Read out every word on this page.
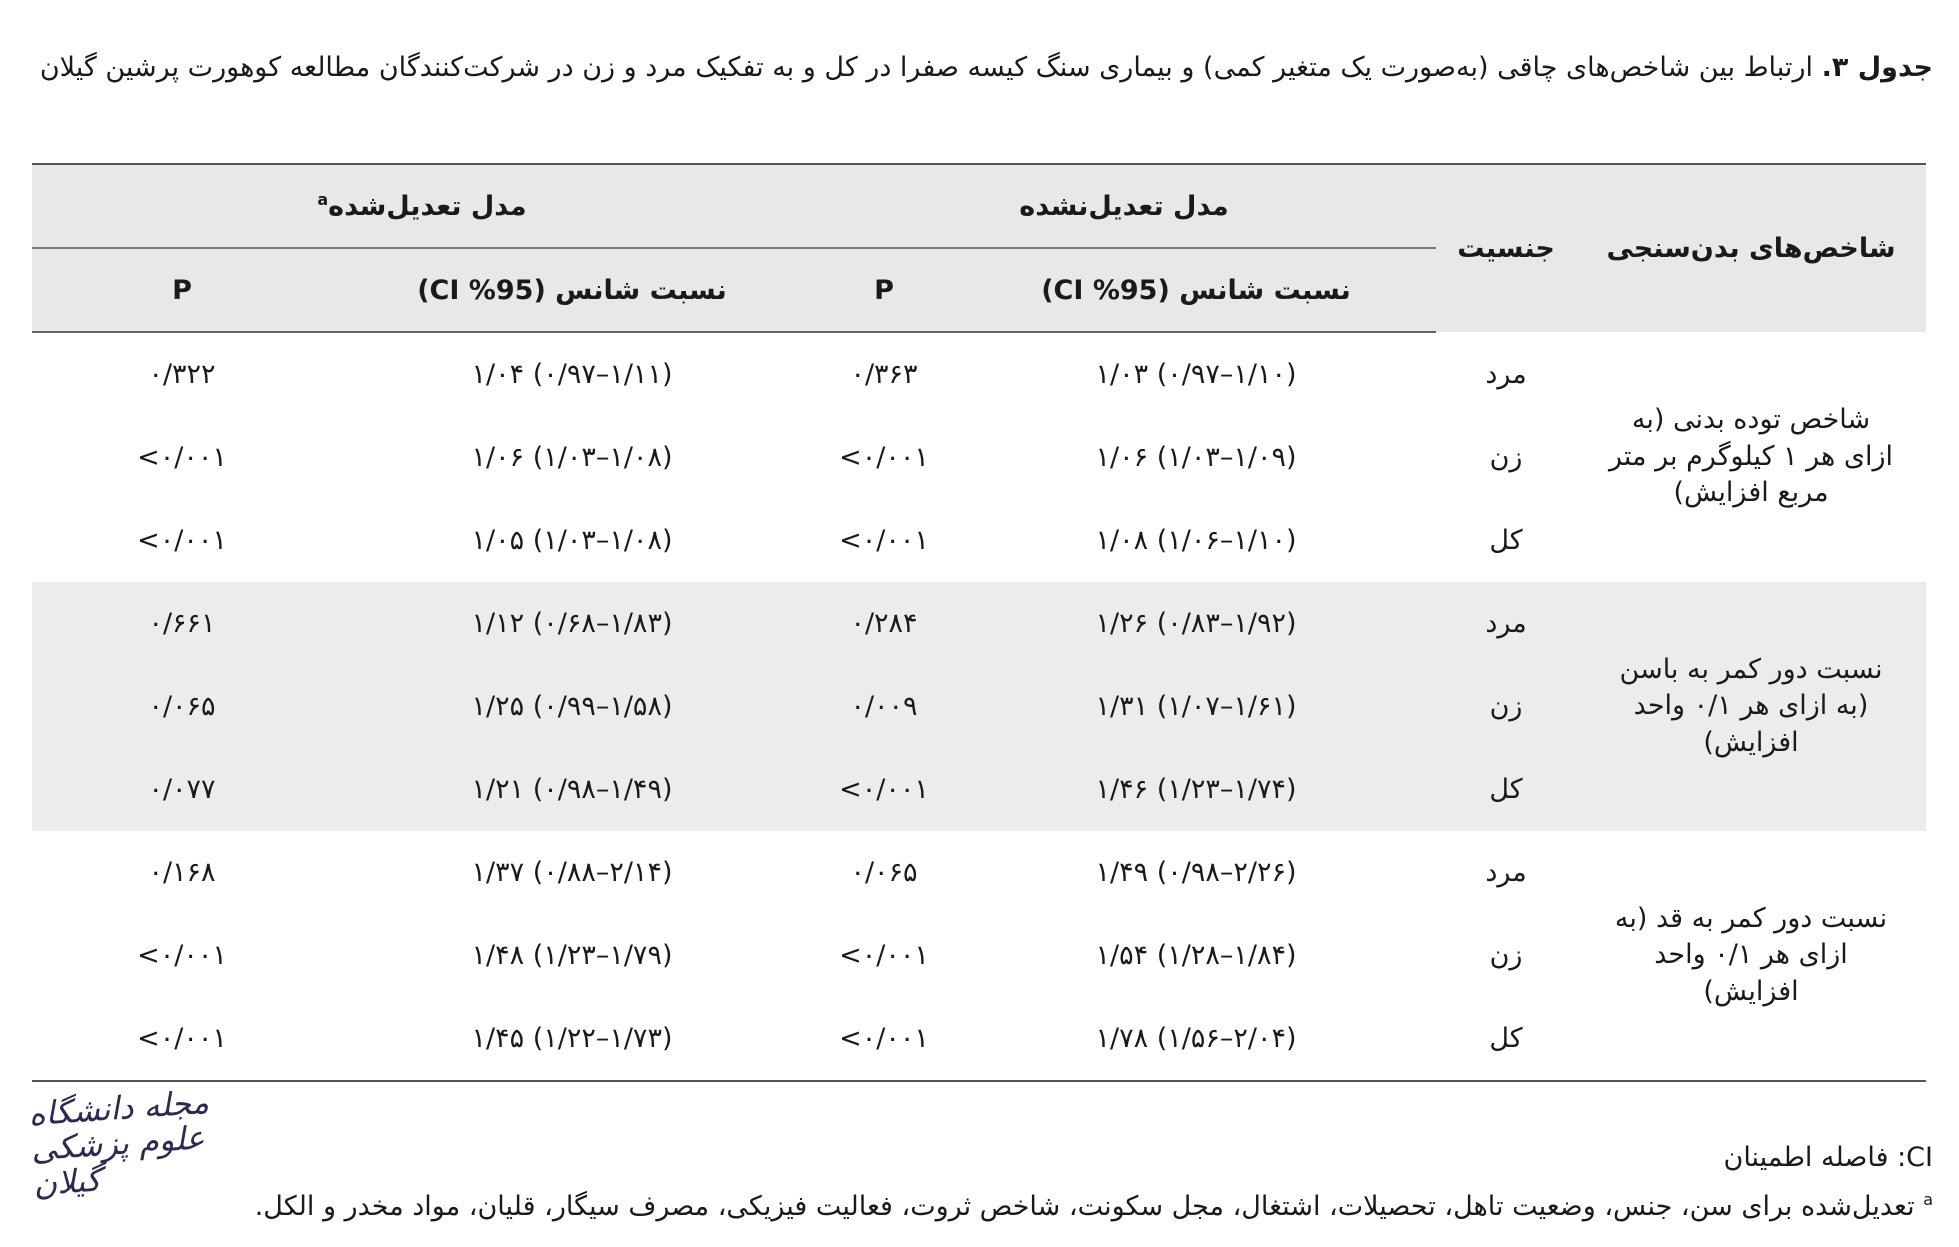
جدول ۳. ارتباط بین شاخص‌های چاقی (به‌صورت یک متغیر کمی) و بیماری سنگ کیسه صفرا در کل و به تفکیک مرد و زن در شرکت‌کنندگان مطالعه کوهورت پرشین گیلان
شاخص‌های بدن‌سنجی	جنسیت	مدل تعدیل‌نشده		مدل تعدیل‌شده$^a$
		نسبت شانس (95% CI)	P	نسبت شانس (95% CI)	P
شاخص توده بدنی (به ازای هر ۱ کیلوگرم بر متر مربع افزایش)	مرد	۱/۰۳ (۰/۹۷–۱/۱۰)	۰/۳۶۳	۱/۰۴ (۰/۹۷–۱/۱۱)	۰/۳۲۲
	زن	۱/۰۶ (۱/۰۳–۱/۰۹)	<۰/۰۰۱	۱/۰۶ (۱/۰۳–۱/۰۸)	<۰/۰۰۱
	کل	۱/۰۸ (۱/۰۶–۱/۱۰)	<۰/۰۰۱	۱/۰۵ (۱/۰۳–۱/۰۸)	<۰/۰۰۱
نسبت دور کمر به باسن (به ازای هر ۰/۱ واحد افزایش)	مرد	۱/۲۶ (۰/۸۳–۱/۹۲)	۰/۲۸۴	۱/۱۲ (۰/۶۸–۱/۸۳)	۰/۶۶۱
	زن	۱/۳۱ (۱/۰۷–۱/۶۱)	۰/۰۰۹	۱/۲۵ (۰/۹۹–۱/۵۸)	۰/۰۶۵
	کل	۱/۴۶ (۱/۲۳–۱/۷۴)	<۰/۰۰۱	۱/۲۱ (۰/۹۸–۱/۴۹)	۰/۰۷۷
نسبت دور کمر به قد (به ازای هر ۰/۱ واحد افزایش)	مرد	۱/۴۹ (۰/۹۸–۲/۲۶)	۰/۰۶۵	۱/۳۷ (۰/۸۸–۲/۱۴)	۰/۱۶۸
	زن	۱/۵۴ (۱/۲۸–۱/۸۴)	<۰/۰۰۱	۱/۴۸ (۱/۲۳–۱/۷۹)	<۰/۰۰۱
	کل	۱/۷۸ (۱/۵۶–۲/۰۴)	<۰/۰۰۱	۱/۴۵ (۱/۲۲–۱/۷۳)	<۰/۰۰۱
مجله دانشگاه علوم پزشکی گیلان
CI: فاصله اطمینان
$^a$ تعدیل‌شده برای سن، جنس، وضعیت تاهل، تحصیلات، اشتغال، مجل سکونت، شاخص ثروت، فعالیت فیزیکی، مصرف سیگار، قلیان، مواد مخدر و الکل.
